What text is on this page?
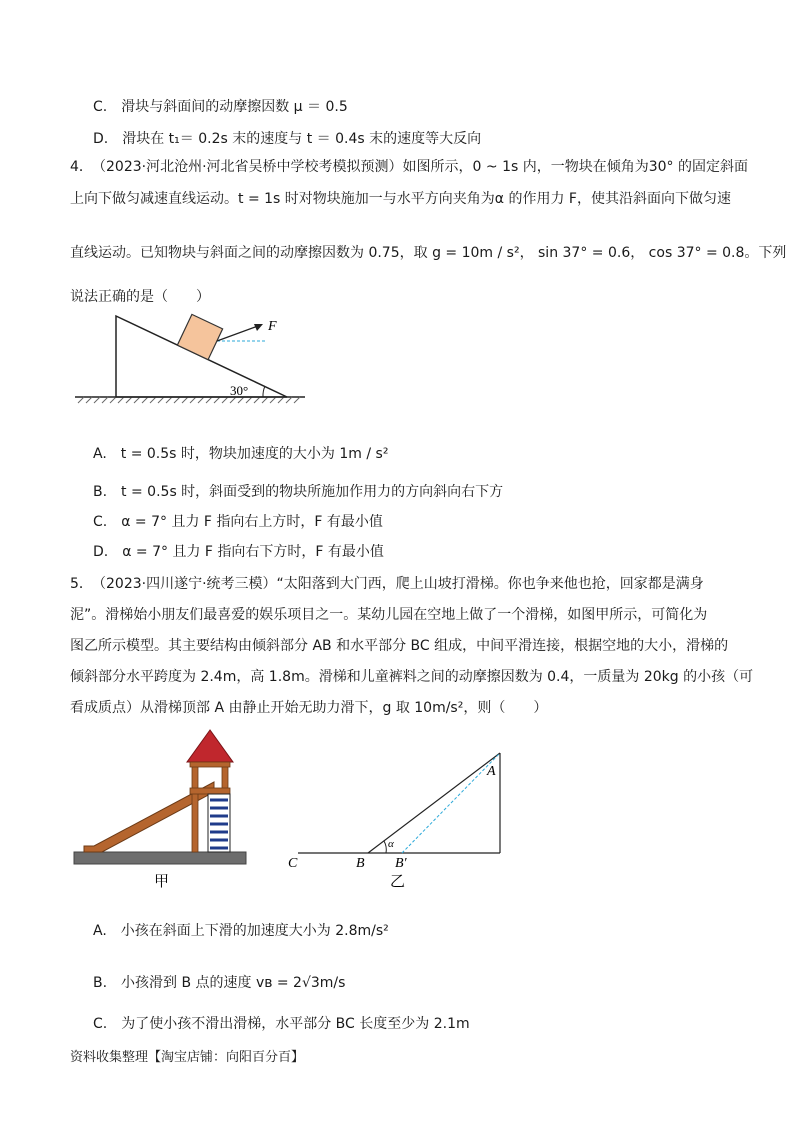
C.　滑块与斜面间的动摩擦因数 μ ＝ 0.5
D.　滑块在 t₁＝ 0.2s 末的速度与 t ＝ 0.4s 末的速度等大反向
4． （2023·河北沧州·河北省吴桥中学校考模拟预测）如图所示，0 ~ 1s 内，一物块在倾角为30° 的固定斜面
上向下做匀减速直线运动。t = 1s 时对物块施加一与水平方向夹角为α 的作用力 F，使其沿斜面向下做匀速
直线运动。已知物块与斜面之间的动摩擦因数为 0.75，取 g = 10m / s²， sin 37° = 0.6， cos 37° = 0.8。下列
说法正确的是（　　）
30°
F
A.　t = 0.5s 时，物块加速度的大小为 1m / s²
B.　t = 0.5s 时，斜面受到的物块所施加作用力的方向斜向右下方
C.　α = 7° 且力 F 指向右上方时，F 有最小值
D.　α = 7° 且力 F 指向右下方时，F 有最小值
5． （2023·四川遂宁·统考三模）“太阳落到大门西，爬上山坡打滑梯。你也争来他也抢，回家都是满身
泥”。滑梯始小朋友们最喜爱的娱乐项目之一。某幼儿园在空地上做了一个滑梯，如图甲所示，可简化为
图乙所示模型。其主要结构由倾斜部分 AB 和水平部分 BC 组成，中间平滑连接，根据空地的大小，滑梯的
倾斜部分水平跨度为 2.4m，高 1.8m。滑梯和儿童裤料之间的动摩擦因数为 0.4，一质量为 20kg 的小孩（可
看成质点）从滑梯顶部 A 由静止开始无助力滑下，g 取 10m/s²，则（　　）
甲
α
C	B B′
A
乙
A.　小孩在斜面上下滑的加速度大小为 2.8m/s²
B.　小孩滑到 B 点的速度 vʙ = 2√3m/s
C.　为了使小孩不滑出滑梯，水平部分 BC 长度至少为 2.1m
资料收集整理【淘宝店铺：向阳百分百】
